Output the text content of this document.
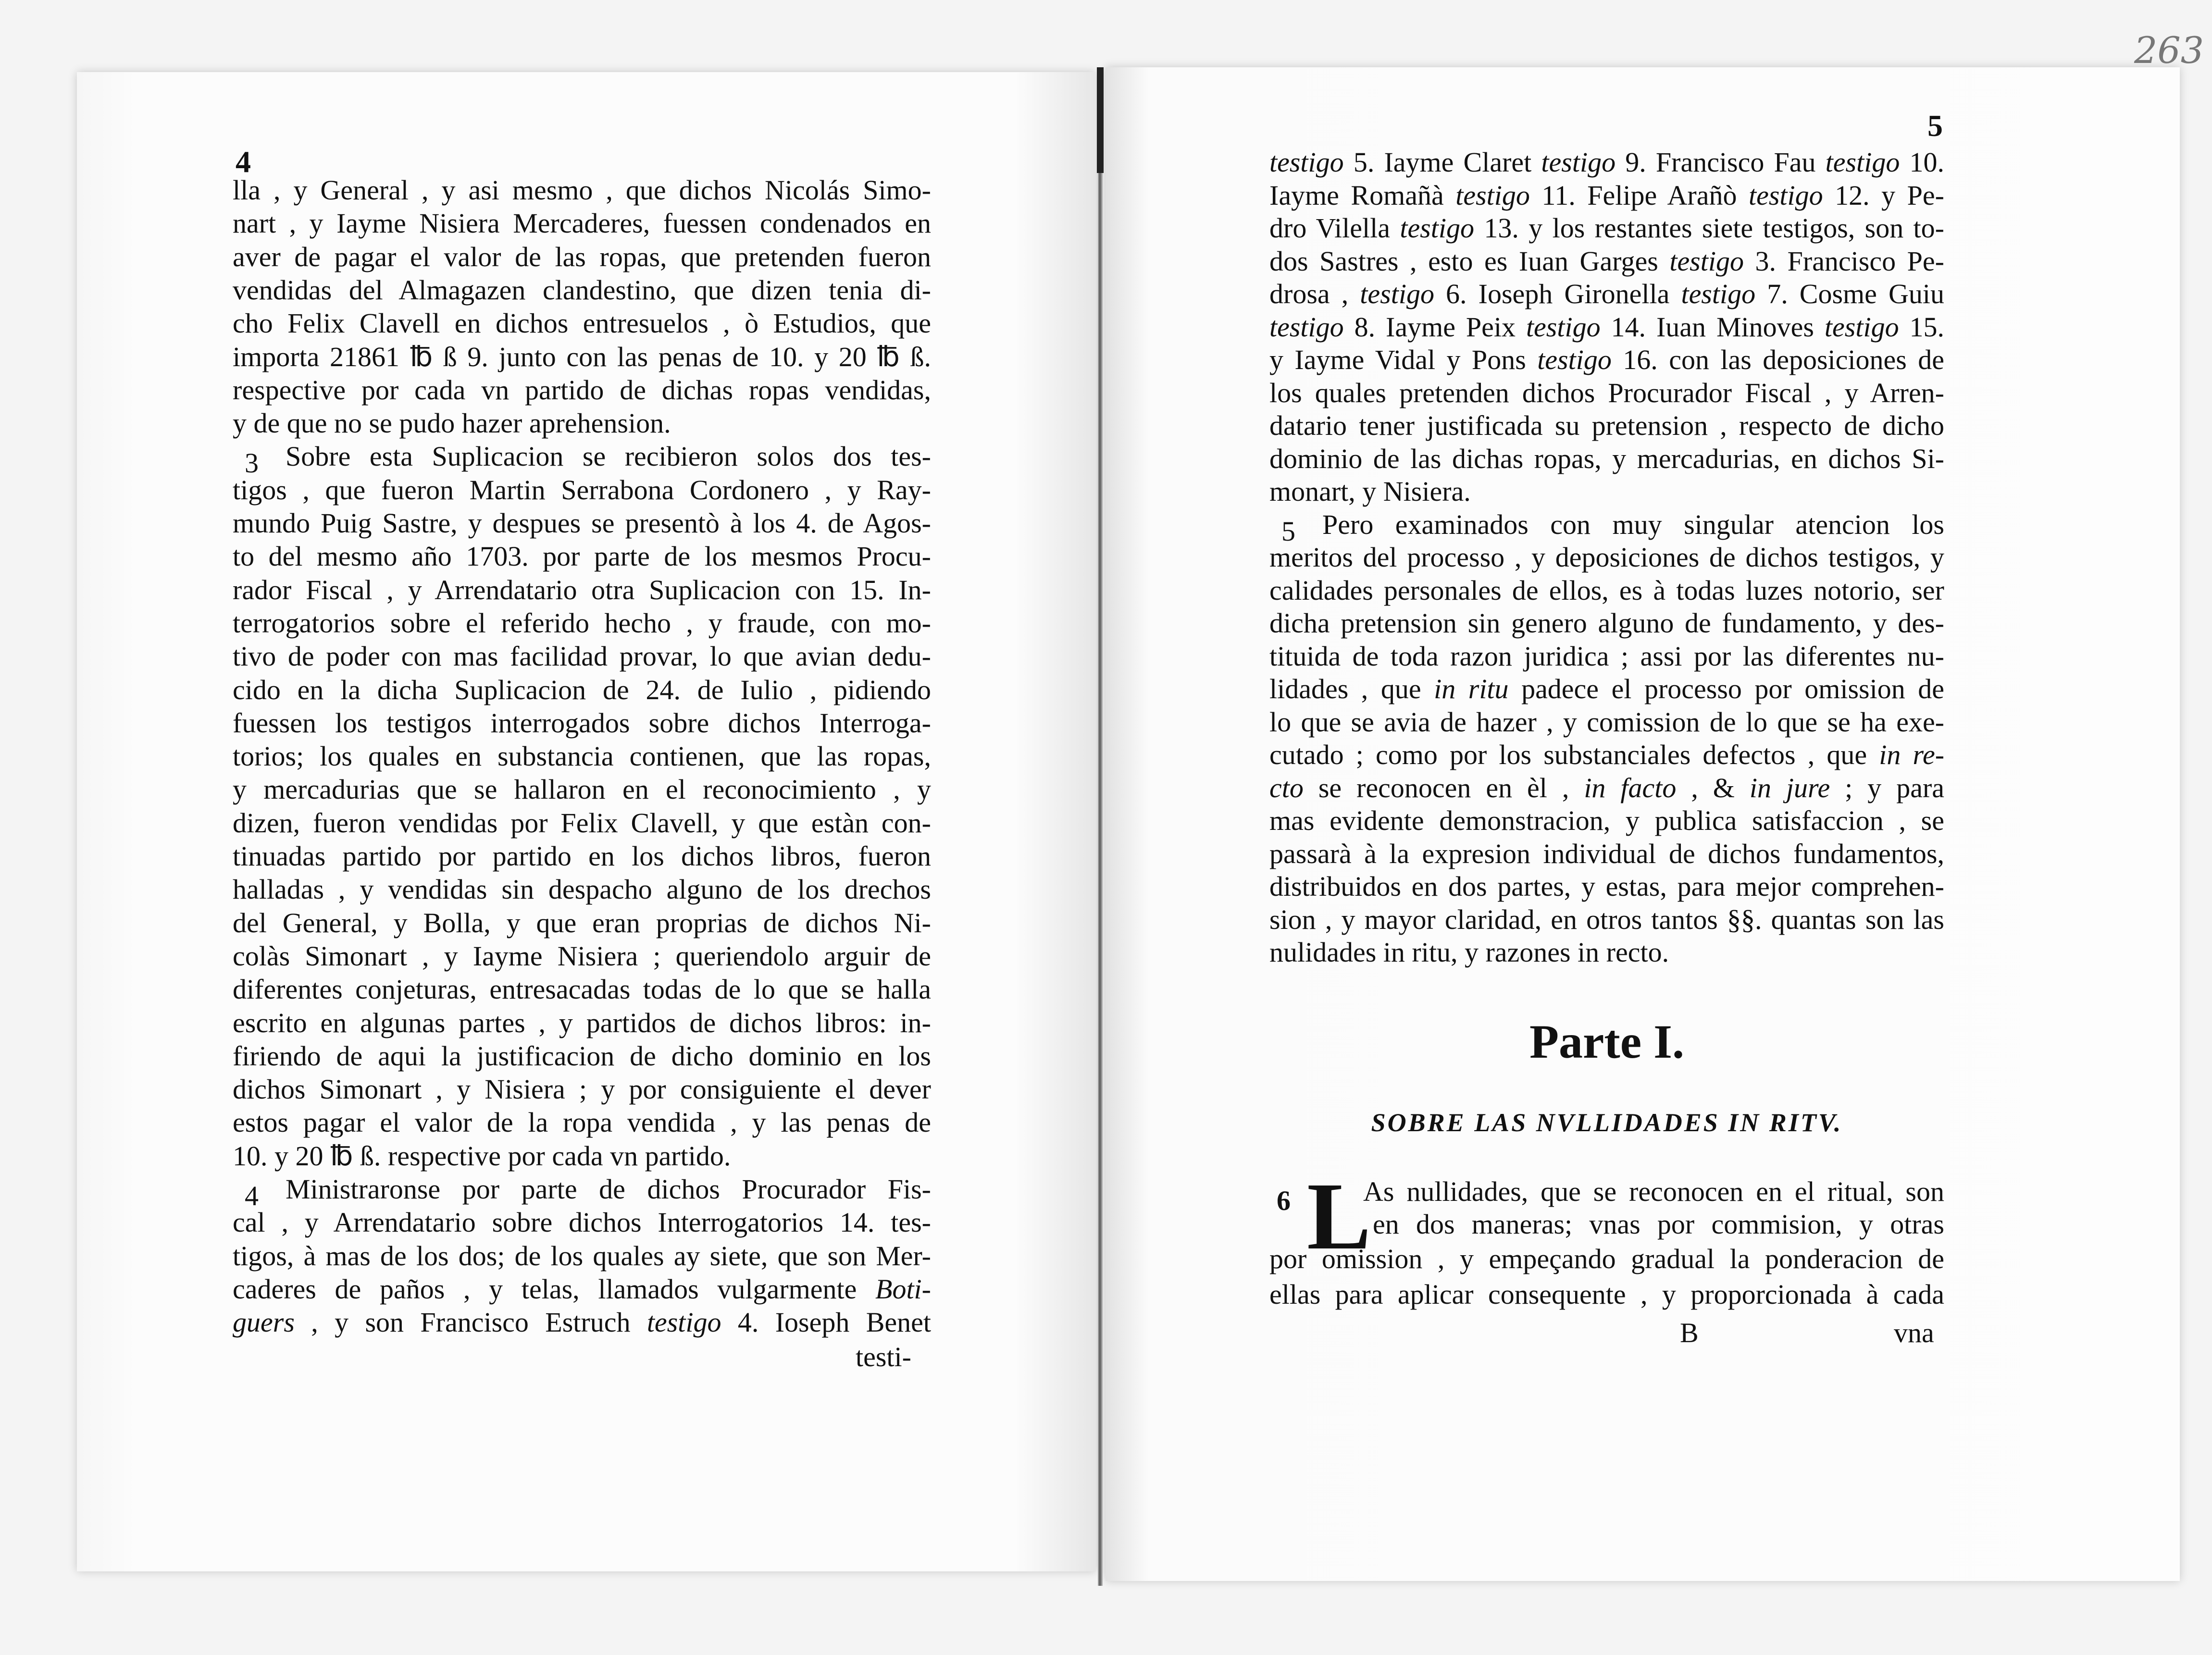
4
lla , y General , y asi mesmo , que dichos Nicolás Simo-
nart , y Iayme Nisiera Mercaderes, fuessen condenados en
aver de pagar el valor de las ropas, que pretenden fueron
vendidas del Almagazen clandestino, que dizen tenia di-
cho Felix Clavell en dichos entresuelos , ò Estudios, que
importa 21861 ℔ ß 9. junto con las penas de 10. y 20 ℔ ß.
respective por cada vn partido de dichas ropas vendidas,
y de que no se pudo hazer aprehension.
3 Sobre esta Suplicacion se recibieron solos dos tes-
tigos , que fueron Martin Serrabona Cordonero , y Ray-
mundo Puig Sastre, y despues se presentò à los 4. de Agos-
to del mesmo año 1703. por parte de los mesmos Procu-
rador Fiscal , y Arrendatario otra Suplicacion con 15. In-
terrogatorios sobre el referido hecho , y fraude, con mo-
tivo de poder con mas facilidad provar, lo que avian dedu-
cido en la dicha Suplicacion de 24. de Iulio , pidiendo
fuessen los testigos interrogados sobre dichos Interroga-
torios; los quales en substancia contienen, que las ropas,
y mercadurias que se hallaron en el reconocimiento , y
dizen, fueron vendidas por Felix Clavell, y que estàn con-
tinuadas partido por partido en los dichos libros, fueron
halladas , y vendidas sin despacho alguno de los drechos
del General, y Bolla, y que eran proprias de dichos Ni-
colàs Simonart , y Iayme Nisiera ; queriendolo arguir de
diferentes conjeturas, entresacadas todas de lo que se halla
escrito en algunas partes , y partidos de dichos libros: in-
firiendo de aqui la justificacion de dicho dominio en los
dichos Simonart , y Nisiera ; y por consiguiente el dever
estos pagar el valor de la ropa vendida , y las penas de
10. y 20 ℔ ß. respective por cada vn partido.
4 Ministraronse por parte de dichos Procurador Fis-
cal , y Arrendatario sobre dichos Interrogatorios 14. tes-
tigos, à mas de los dos; de los quales ay siete, que son Mer-
caderes de paños , y telas, llamados vulgarmente Boti-
guers , y son Francisco Estruch testigo 4. Ioseph Benet
testi-
263
5
testigo 5. Iayme Claret testigo 9. Francisco Fau testigo 10.
Iayme Romañà testigo 11. Felipe Arañò testigo 12. y Pe-
dro Vilella testigo 13. y los restantes siete testigos, son to-
dos Sastres , esto es Iuan Garges testigo 3. Francisco Pe-
drosa , testigo 6. Ioseph Gironella testigo 7. Cosme Guiu
testigo 8. Iayme Peix testigo 14. Iuan Minoves testigo 15.
y Iayme Vidal y Pons testigo 16. con las deposiciones de
los quales pretenden dichos Procurador Fiscal , y Arren-
datario tener justificada su pretension , respecto de dicho
dominio de las dichas ropas, y mercadurias, en dichos Si-
monart, y Nisiera.
5 Pero examinados con muy singular atencion los
meritos del processo , y deposiciones de dichos testigos, y
calidades personales de ellos, es à todas luzes notorio, ser
dicha pretension sin genero alguno de fundamento, y des-
tituida de toda razon juridica ; assi por las diferentes nu-
lidades , que in ritu padece el processo por omission de
lo que se avia de hazer , y comission de lo que se ha exe-
cutado ; como por los substanciales defectos , que in re-
cto se reconocen en èl , in facto , & in jure ; y para
mas evidente demonstracion, y publica satisfaccion , se
passarà à la expresion individual de dichos fundamentos,
distribuidos en dos partes, y estas, para mejor comprehen-
sion , y mayor claridad, en otros tantos §§. quantas son las
nulidades in ritu, y razones in recto.
Parte I.
SOBRE LAS NVLLIDADES IN RITV.
6 L
As nullidades, que se reconocen en el ritual, son
en dos maneras; vnas por commision, y otras
por omission , y empeçando gradual la ponderacion de
ellas para aplicar consequente , y proporcionada à cada
B	vna
